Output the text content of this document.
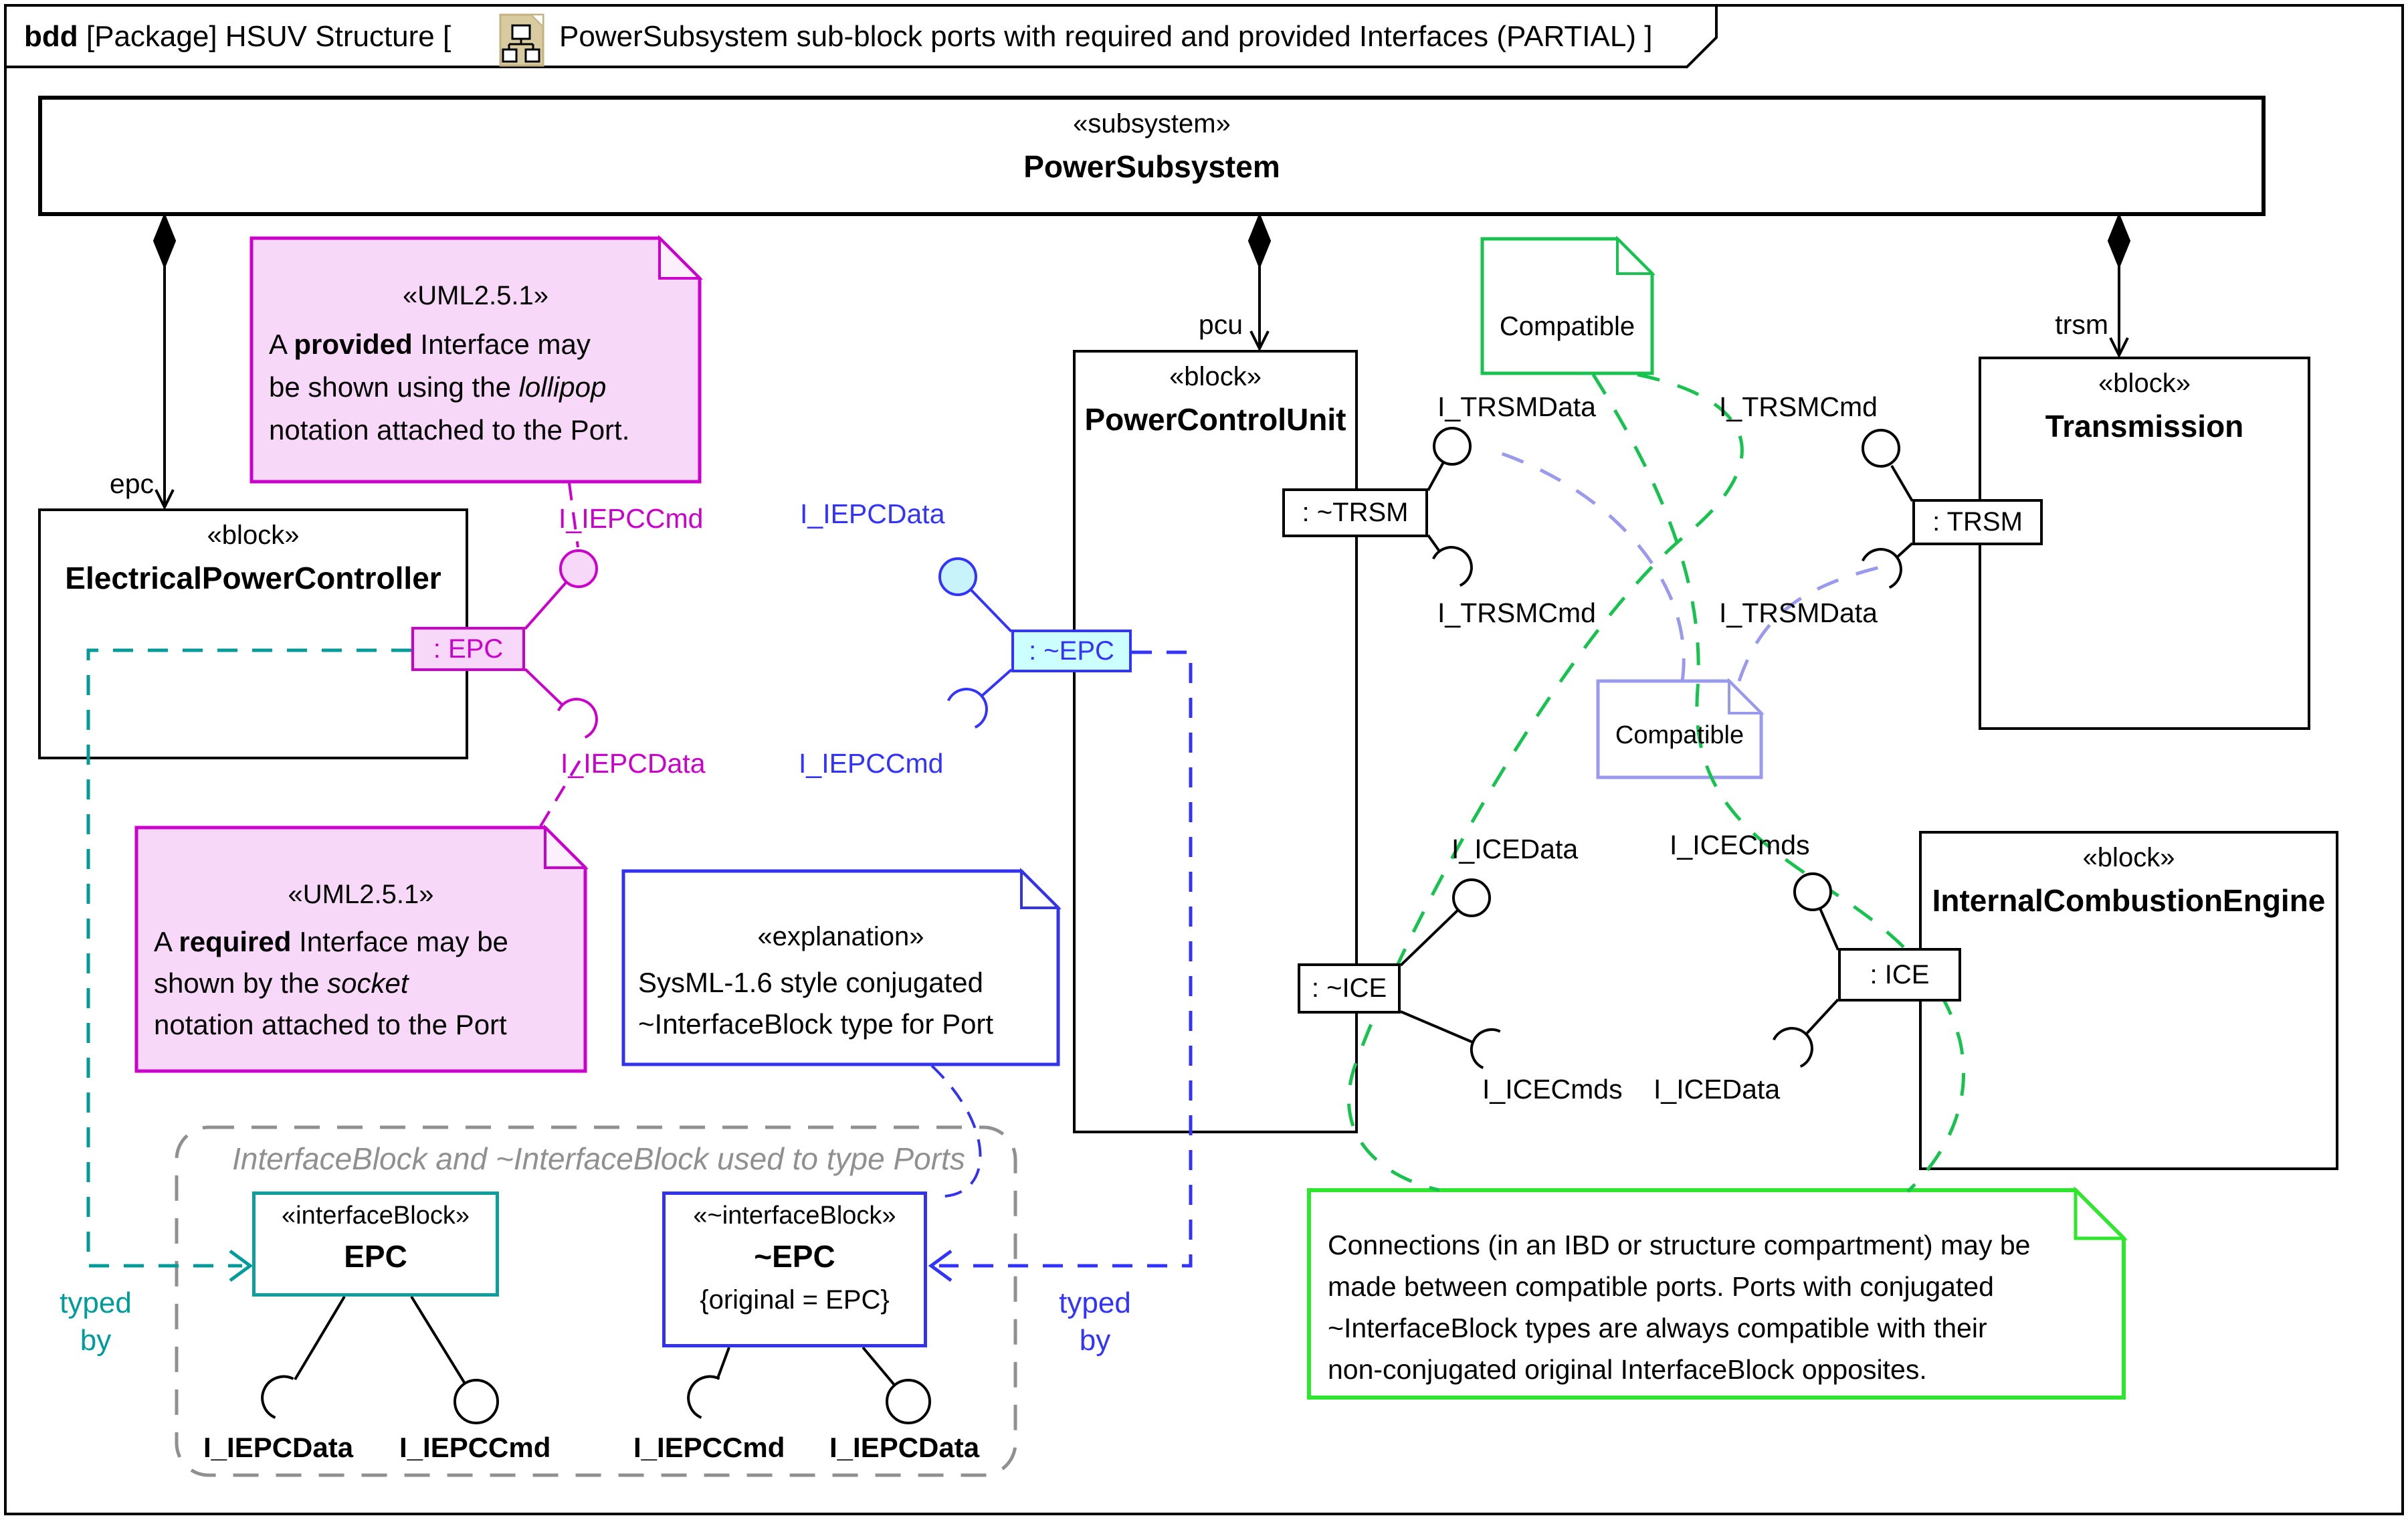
«subsystem»
PowerSubsystem
«block»
ElectricalPowerController
«block»
PowerControlUnit
«block»
Transmission
«block»
InternalCombustionEngine
bdd [Package] HSUV Structure [	PowerSubsystem sub-block ports with required and provided Interfaces (PARTIAL) ]
epc
pcu	trsm
: EPC	: ~EPC
: ~TRSM	: TRSM
: ~ICE	: ICE
I_IEPCCmd
I_IEPCData
I_IEPCData
I_IEPCCmd
I_TRSMData	I_TRSMCmd
I_TRSMCmd	I_TRSMData
I_ICEData	I_ICECmds
I_ICECmds I_ICEData
«UML2.5.1»
A provided Interface may
be shown using the lollipop
notation attached to the Port.
«UML2.5.1»
A required Interface may be
shown by the socket
notation attached to the Port
«explanation»
SysML-1.6 style conjugated
~InterfaceBlock type for Port
Compatible
Compatible
Connections (in an IBD or structure compartment) may be
made between compatible ports. Ports with conjugated
~InterfaceBlock types are always compatible with their
non-conjugated original InterfaceBlock opposites.
InterfaceBlock and ~InterfaceBlock used to type Ports
«interfaceBlock»
EPC
«~interfaceBlock»
~EPC
{original = EPC}
I_IEPCData I_IEPCCmd	I_IEPCCmd I_IEPCData
typed
by
typed
by
